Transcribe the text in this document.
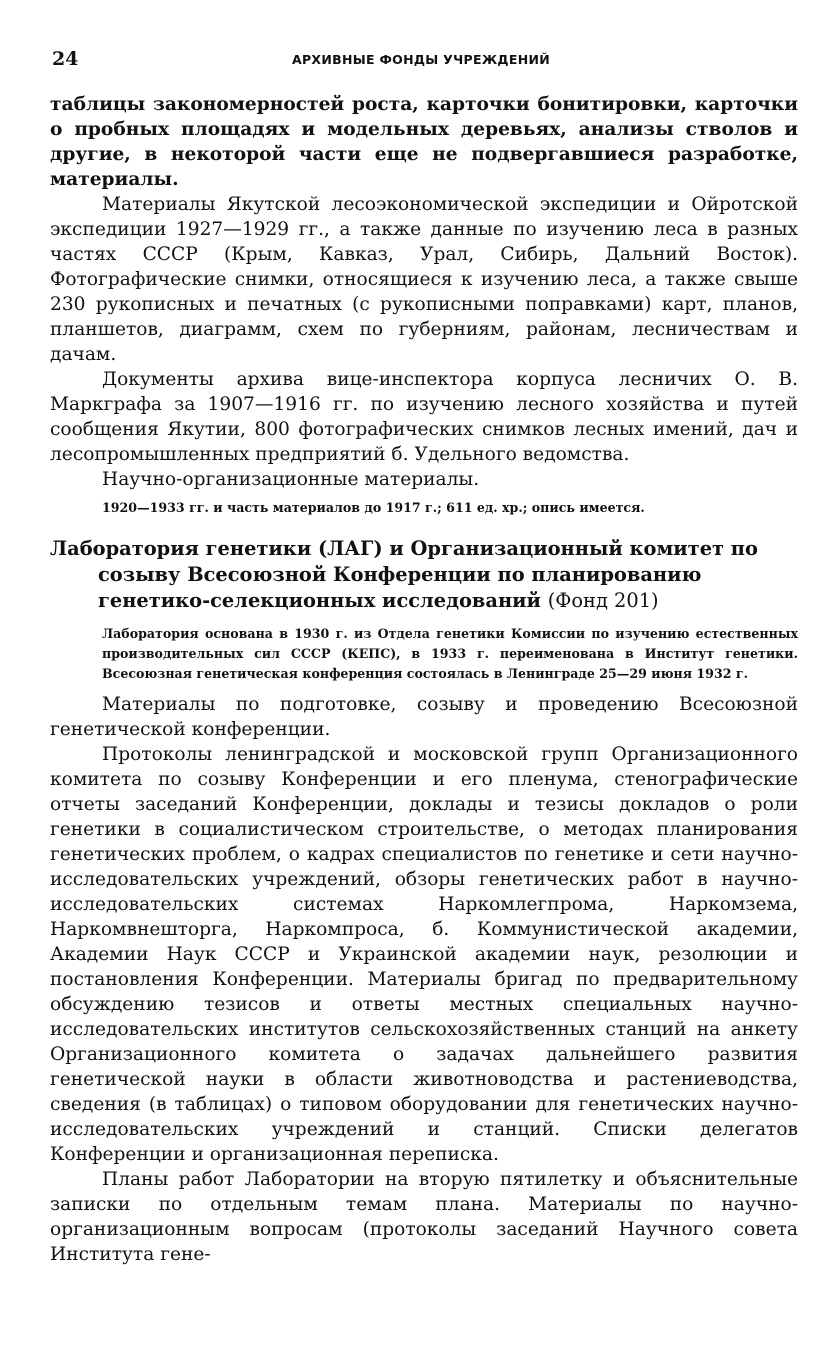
24	АРХИВНЫЕ ФОНДЫ УЧРЕЖДЕНИЙ

таблицы закономерностей роста, карточки бонитировки, карточки о пробных площадях и модельных деревьях, анализы стволов и другие, в некоторой части еще не подвергавшиеся разработке, материалы.

Материалы Якутской лесоэкономической экспедиции и Ойротской экспедиции 1927—1929 гг., а также данные по изучению леса в разных частях СССР (Крым, Кавказ, Урал, Сибирь, Дальний Восток). Фотографические снимки, относящиеся к изучению леса, а также свыше 230 рукописных и печатных (с рукописными поправками) карт, планов, планшетов, диаграмм, схем по губерниям, районам, лесничествам и дачам.

Документы архива вице-инспектора корпуса лесничих О. В. Маркграфа за 1907—1916 гг. по изучению лесного хозяйства и путей сообщения Якутии, 800 фотографических снимков лесных имений, дач и лесопромышленных предприятий б. Удельного ведомства.

Научно-организационные материалы.

1920—1933 гг. и часть материалов до 1917 г.; 611 ед. хр.; опись имеется.

Лаборатория генетики (ЛАГ) и Организационный комитет по созыву Всесоюзной Конференции по планированию генетико-селекционных исследований (Фонд 201)

Лаборатория основана в 1930 г. из Отдела генетики Комиссии по изучению естественных производительных сил СССР (КЕПС), в 1933 г. переименована в Институт генетики. Всесоюзная генетическая конференция состоялась в Ленинграде 25—29 июня 1932 г.

Материалы по подготовке, созыву и проведению Всесоюзной генетической конференции.

Протоколы ленинградской и московской групп Организационного комитета по созыву Конференции и его пленума, стенографические отчеты заседаний Конференции, доклады и тезисы докладов о роли генетики в социалистическом строительстве, о методах планирования генетических проблем, о кадрах специалистов по генетике и сети научно-исследовательских учреждений, обзоры генетических работ в научно-исследовательских системах Наркомлегпрома, Наркомзема, Наркомвнешторга, Наркомпроса, б. Коммунистической академии, Академии Наук СССР и Украинской академии наук, резолюции и постановления Конференции. Материалы бригад по предварительному обсуждению тезисов и ответы местных специальных научно-исследовательских институтов сельскохозяйственных станций на анкету Организационного комитета о задачах дальнейшего развития генетической науки в области животноводства и растениеводства, сведения (в таблицах) о типовом оборудовании для генетических научно-исследовательских учреждений и станций. Списки делегатов Конференции и организационная переписка.

Планы работ Лаборатории на вторую пятилетку и объяснительные записки по отдельным темам плана. Материалы по научно-организационным вопросам (протоколы заседаний Научного совета Института гене-
